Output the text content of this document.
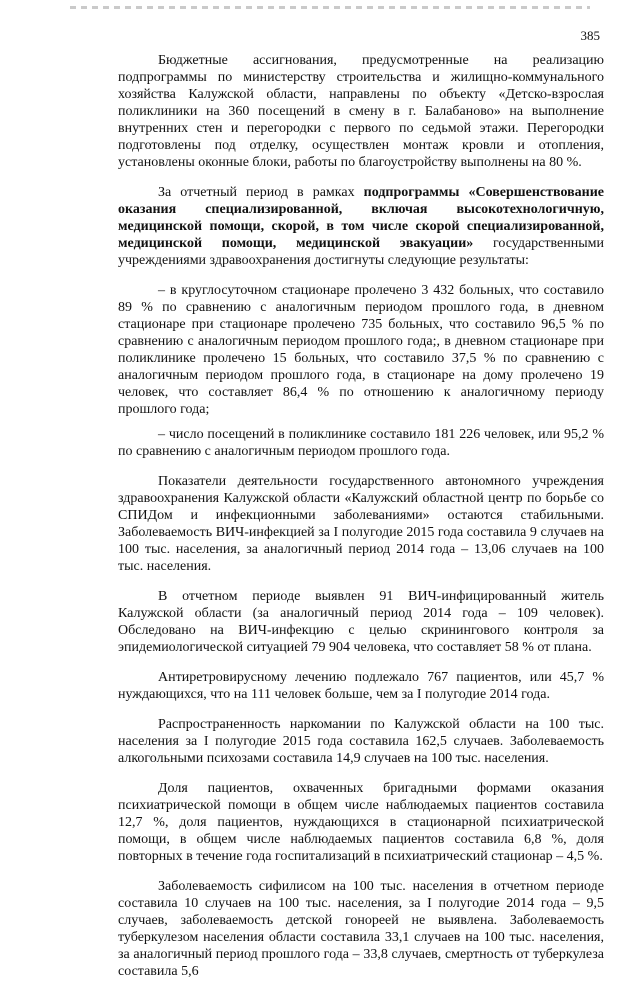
385

Бюджетные ассигнования, предусмотренные на реализацию подпрограммы по министерству строительства и жилищно-коммунального хозяйства Калужской области, направлены по объекту «Детско-взрослая поликлиники на 360 посещений в смену в г. Балабаново» на выполнение внутренних стен и перегородки с первого по седьмой этажи. Перегородки подготовлены под отделку, осуществлен монтаж кровли и отопления, установлены оконные блоки, работы по благоустройству выполнены на 80 %.

За отчетный период в рамках подпрограммы «Совершенствование оказания специализированной, включая высокотехнологичную, медицинской помощи, скорой, в том числе скорой специализированной, медицинской помощи, медицинской эвакуации» государственными учреждениями здравоохранения достигнуты следующие результаты:

– в круглосуточном стационаре пролечено 3 432 больных, что составило 89 % по сравнению с аналогичным периодом прошлого года, в дневном стационаре при стационаре пролечено 735 больных, что составило 96,5 % по сравнению с аналогичным периодом прошлого года;, в дневном стационаре при поликлинике пролечено 15 больных, что составило 37,5 % по сравнению с аналогичным периодом прошлого года, в стационаре на дому пролечено 19 человек, что составляет 86,4 % по отношению к аналогичному периоду прошлого года;

– число посещений в поликлинике составило 181 226 человек, или 95,2 % по сравнению с аналогичным периодом прошлого года.

Показатели деятельности государственного автономного учреждения здравоохранения Калужской области «Калужский областной центр по борьбе со СПИДом и инфекционными заболеваниями» остаются стабильными. Заболеваемость ВИЧ-инфекцией за I полугодие 2015 года составила 9 случаев на 100 тыс. населения, за аналогичный период 2014 года – 13,06 случаев на 100 тыс. населения.

В отчетном периоде выявлен 91 ВИЧ-инфицированный житель Калужской области (за аналогичный период 2014 года – 109 человек). Обследовано на ВИЧ-инфекцию с целью скринингового контроля за эпидемиологической ситуацией 79 904 человека, что составляет 58 % от плана.

Антиретровирусному лечению подлежало 767 пациентов, или 45,7 % нуждающихся, что на 111 человек больше, чем за I полугодие 2014 года.

Распространенность наркомании по Калужской области на 100 тыс. населения за I полугодие 2015 года составила 162,5 случаев. Заболеваемость алкогольными психозами составила 14,9 случаев на 100 тыс. населения.

Доля пациентов, охваченных бригадными формами оказания психиатрической помощи в общем числе наблюдаемых пациентов составила 12,7 %, доля пациентов, нуждающихся в стационарной психиатрической помощи, в общем числе наблюдаемых пациентов составила 6,8 %, доля повторных в течение года госпитализаций в психиатрический стационар – 4,5 %.

Заболеваемость сифилисом на 100 тыс. населения в отчетном периоде составила 10 случаев на 100 тыс. населения, за I полугодие 2014 года – 9,5 случаев, заболеваемость детской гонореей не выявлена. Заболеваемость туберкулезом населения области составила 33,1 случаев на 100 тыс. населения, за аналогичный период прошлого года – 33,8 случаев, смертность от туберкулеза составила 5,6
